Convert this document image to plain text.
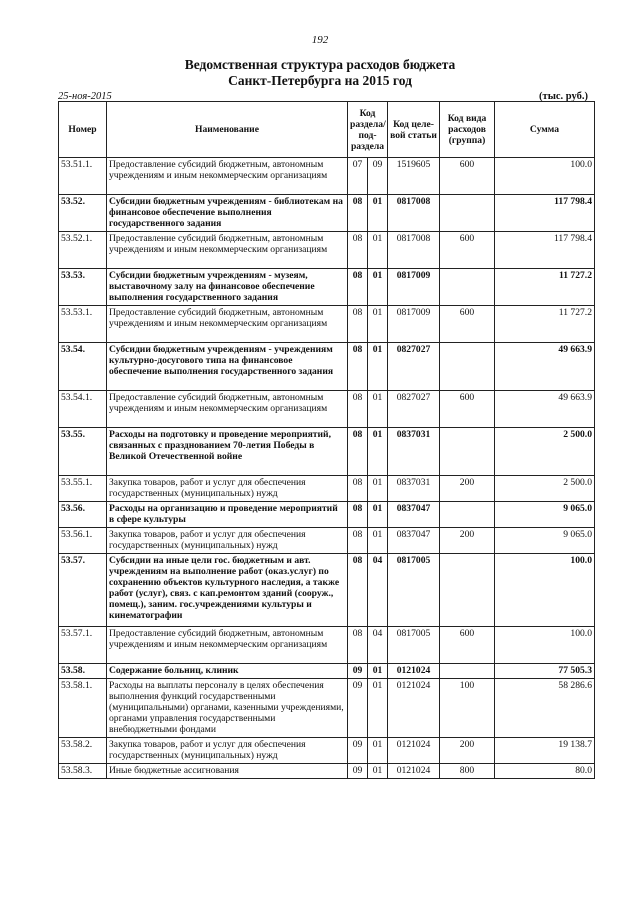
192
Ведомственная структура расходов бюджета
Санкт-Петербурга на 2015 год
25-ноя-2015	(тыс. руб.)
Номер	Наименование	Код раздела/ под-раздела		Код целе-вой статьи	Код вида расходов (группа)	Сумма
53.51.1.	Предоставление субсидий бюджетным, автономным учреждениям и иным некоммерческим организациям	07	09	1519605	600	100.0
53.52.	Субсидии бюджетным учреждениям - библиотекам на финансовое обеспечение выполнения государственного задания	08	01	0817008		117 798.4
53.52.1.	Предоставление субсидий бюджетным, автономным учреждениям и иным некоммерческим организациям	08	01	0817008	600	117 798.4
53.53.	Субсидии бюджетным учреждениям - музеям, выставочному залу на финансовое обеспечение выполнения государственного задания	08	01	0817009		11 727.2
53.53.1.	Предоставление субсидий бюджетным, автономным учреждениям и иным некоммерческим организациям	08	01	0817009	600	11 727.2
53.54.	Субсидии бюджетным учреждениям - учреждениям культурно-досугового типа на финансовое обеспечение выполнения государственного задания	08	01	0827027		49 663.9
53.54.1.	Предоставление субсидий бюджетным, автономным учреждениям и иным некоммерческим организациям	08	01	0827027	600	49 663.9
53.55.	Расходы на подготовку и проведение мероприятий, связанных с празднованием 70-летия Победы в Великой Отечественной войне	08	01	0837031		2 500.0
53.55.1.	Закупка товаров, работ и услуг для обеспечения государственных (муниципальных) нужд	08	01	0837031	200	2 500.0
53.56.	Расходы на организацию и проведение мероприятий в сфере культуры	08	01	0837047		9 065.0
53.56.1.	Закупка товаров, работ и услуг для обеспечения государственных (муниципальных) нужд	08	01	0837047	200	9 065.0
53.57.	Субсидии на иные цели гос. бюджетным и авт. учреждениям на выполнение работ (оказ.услуг) по сохранению объектов культурного наследия, а также работ (услуг), связ. с кап.ремонтом зданий (сооруж., помещ.), заним. гос.учреждениями культуры и кинематографии	08	04	0817005		100.0
53.57.1.	Предоставление субсидий бюджетным, автономным учреждениям и иным некоммерческим организациям	08	04	0817005	600	100.0
53.58.	Содержание больниц, клиник	09	01	0121024		77 505.3
53.58.1.	Расходы на выплаты персоналу в целях обеспечения выполнения функций государственными (муниципальными) органами, казенными учреждениями, органами управления государственными внебюджетными фондами	09	01	0121024	100	58 286.6
53.58.2.	Закупка товаров, работ и услуг для обеспечения государственных (муниципальных) нужд	09	01	0121024	200	19 138.7
53.58.3.	Иные бюджетные ассигнования	09	01	0121024	800	80.0
